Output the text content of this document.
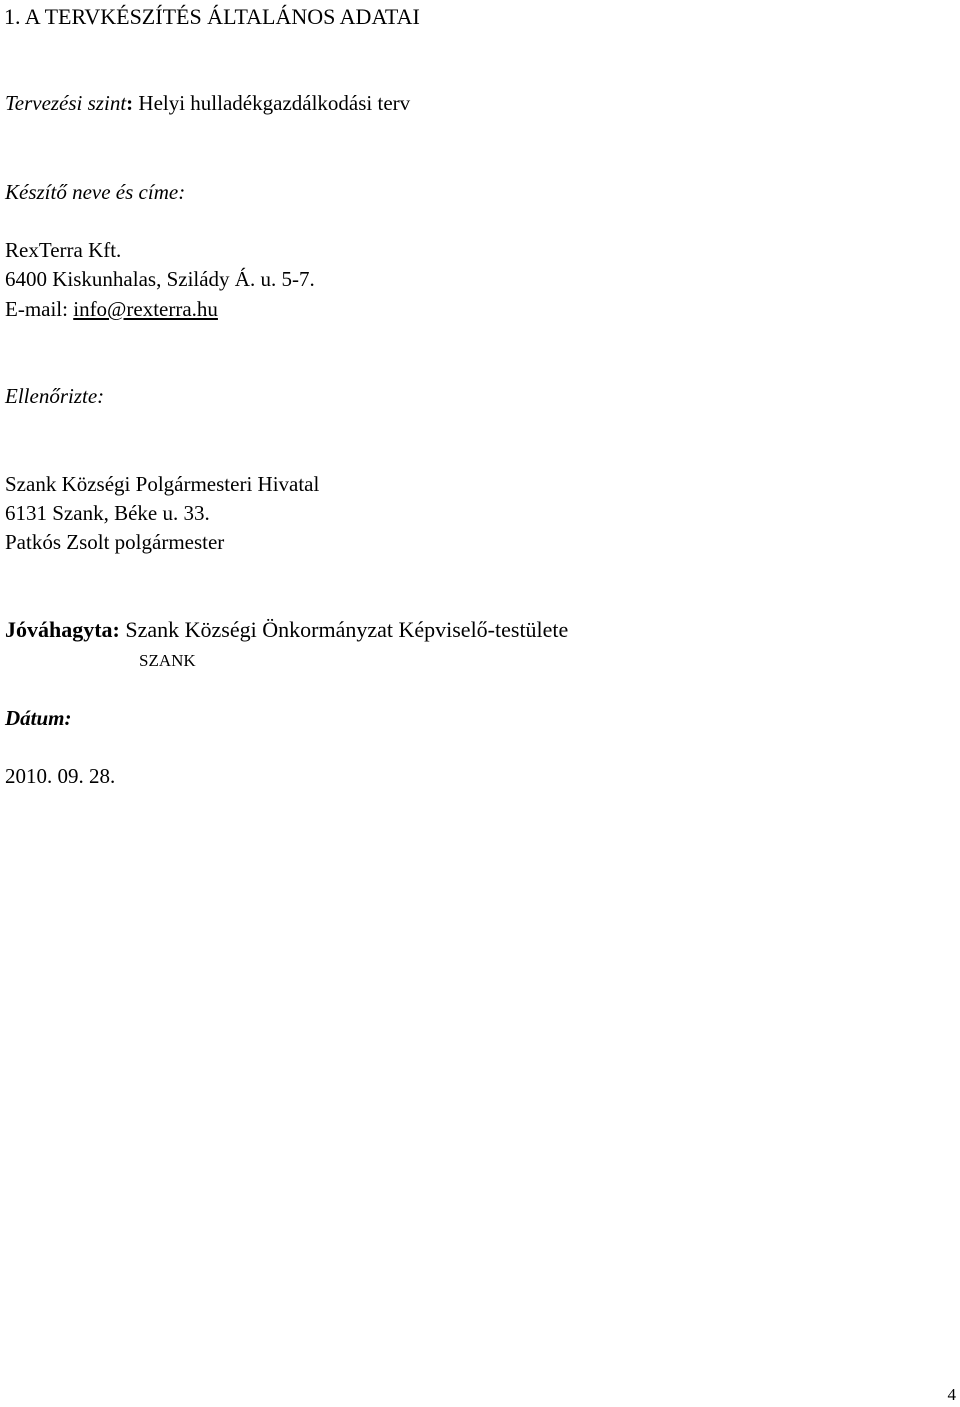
1. A TERVKÉSZÍTÉS ÁLTALÁNOS ADATAI
Tervezési szint: Helyi hulladékgazdálkodási terv
Készítő neve és címe:
RexTerra Kft.
6400 Kiskunhalas, Szilády Á. u. 5-7.
E-mail: info@rexterra.hu
Ellenőrizte:
Szank Községi Polgármesteri Hivatal
6131 Szank, Béke u. 33.
Patkós Zsolt polgármester
Jóváhagyta: Szank Községi Önkormányzat Képviselő-testülete
SZANK
Dátum:
2010. 09. 28.
4
